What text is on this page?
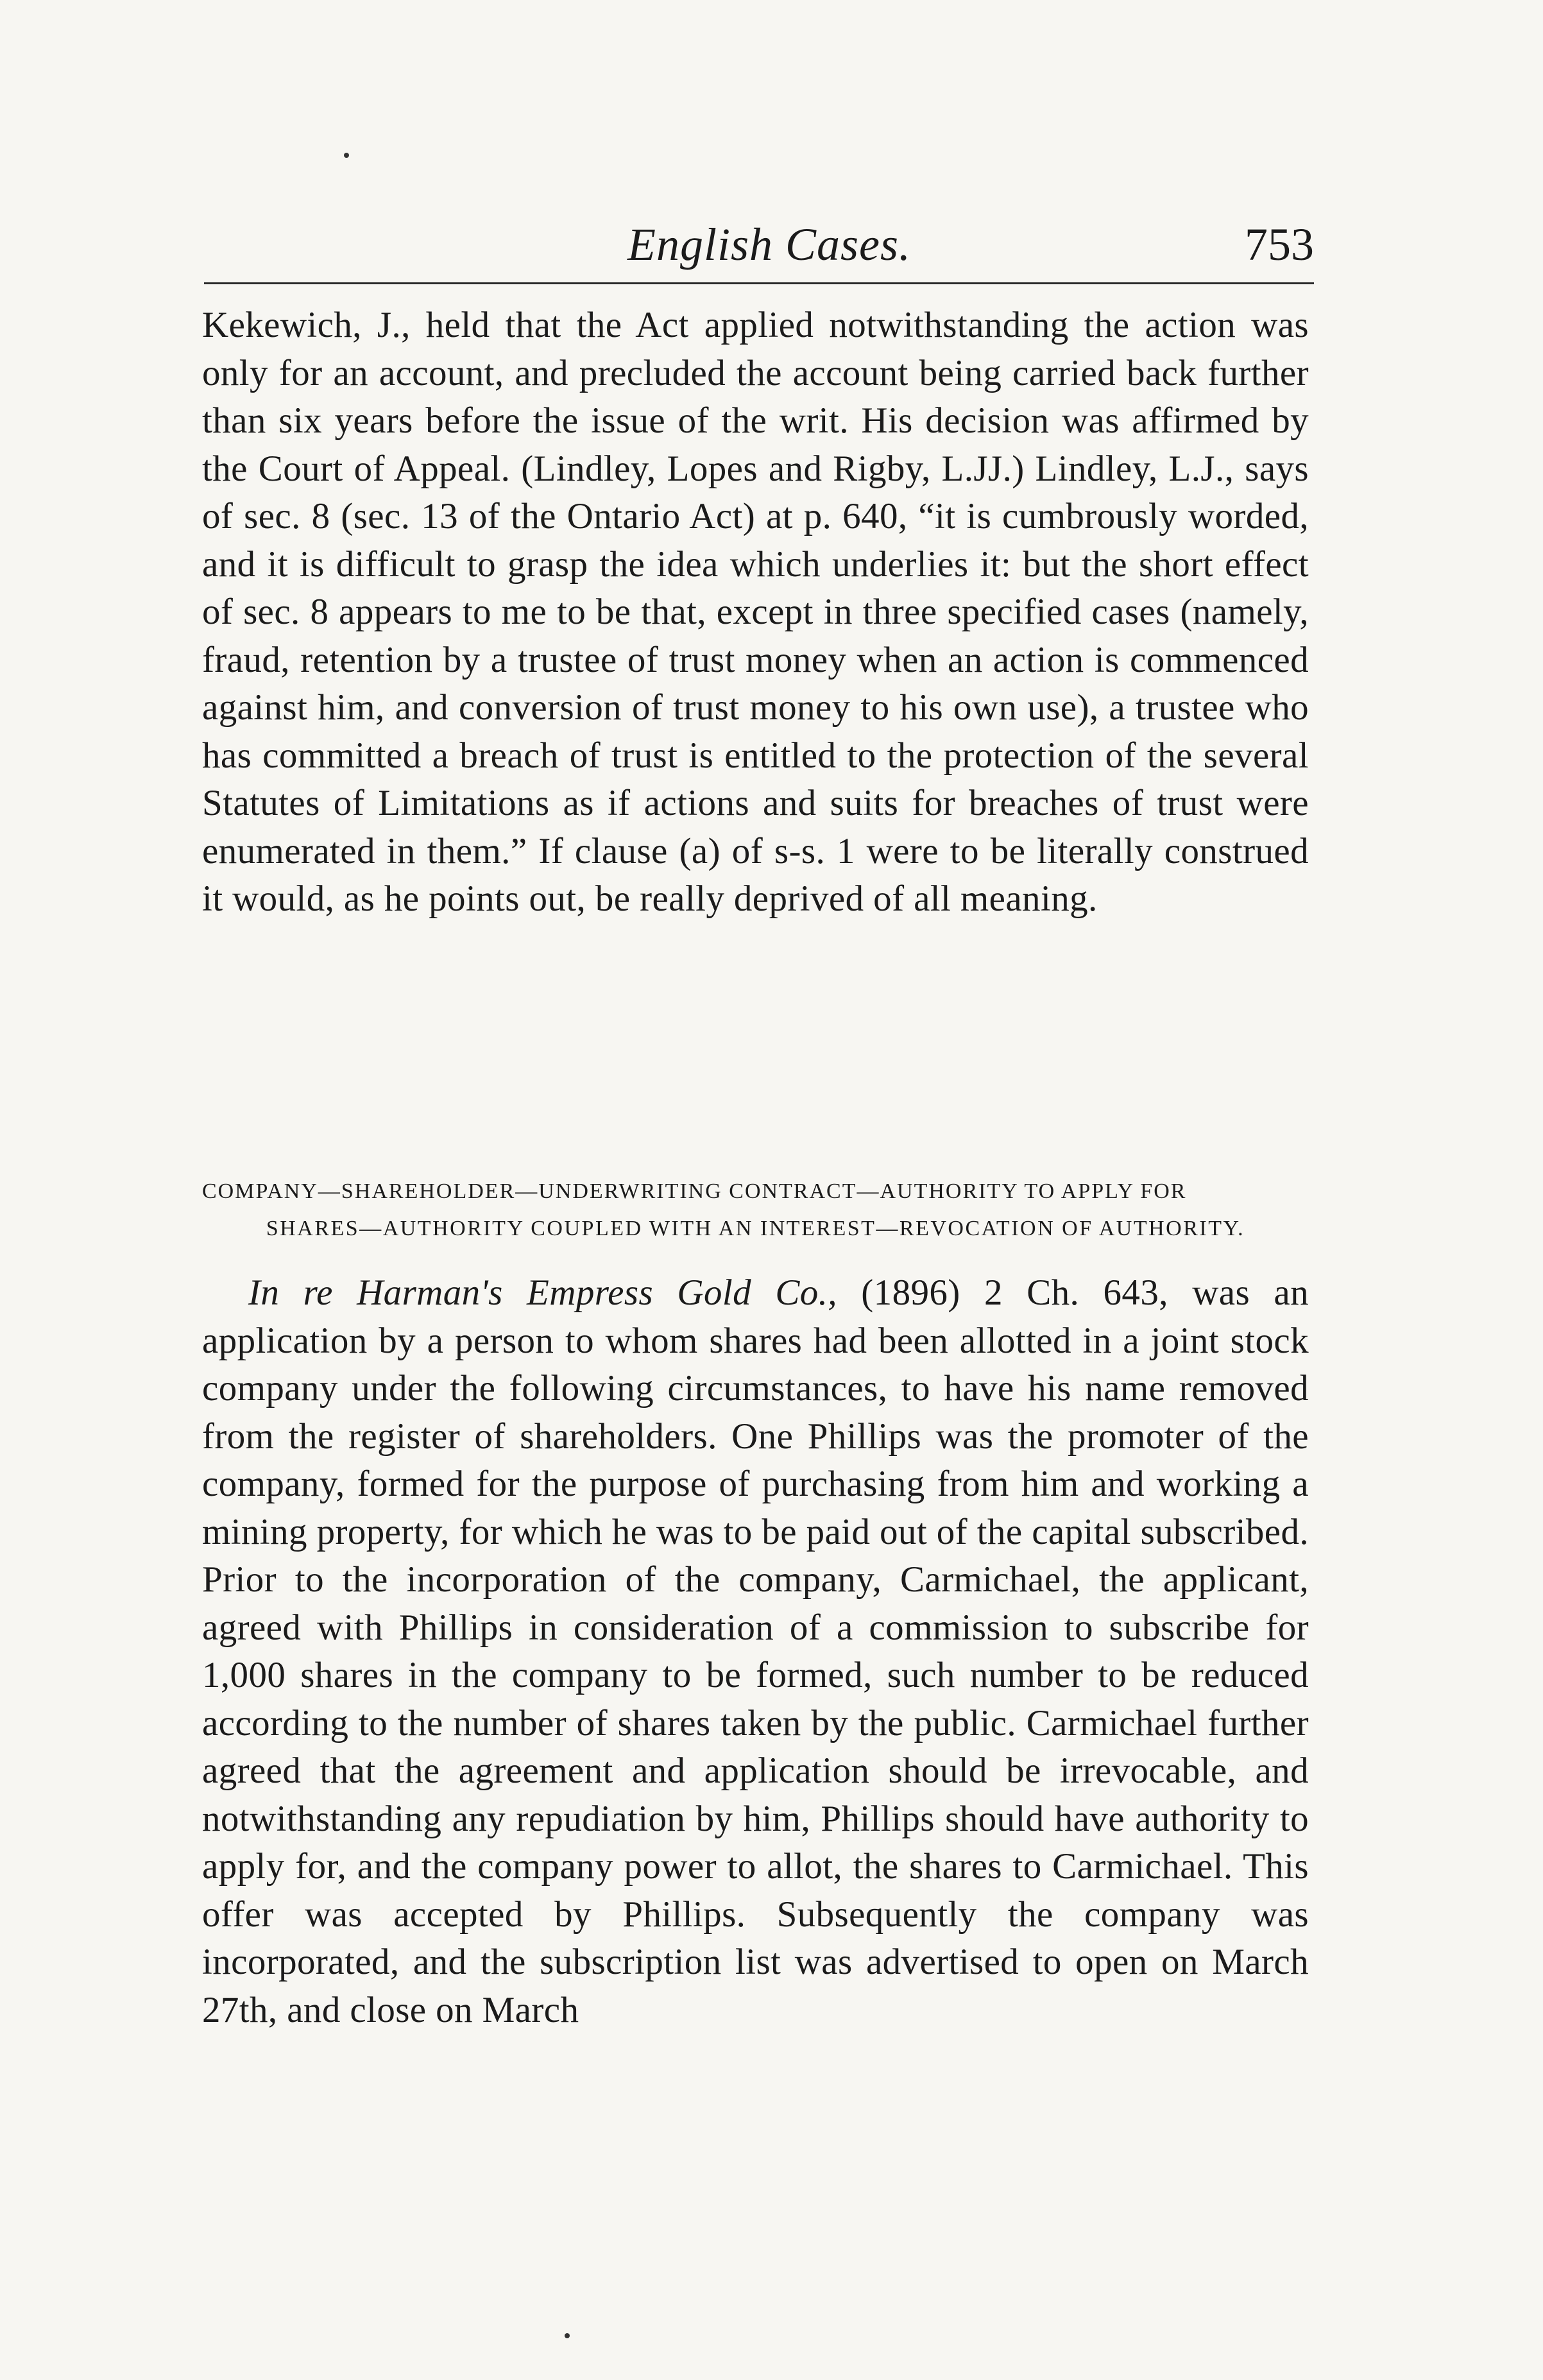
English Cases.	753

Kekewich, J., held that the Act applied notwithstanding the action was only for an account, and precluded the account being carried back further than six years before the issue of the writ. His decision was affirmed by the Court of Appeal. (Lindley, Lopes and Rigby, L.JJ.) Lindley, L.J., says of sec. 8 (sec. 13 of the Ontario Act) at p. 640, “it is cumbrously worded, and it is difficult to grasp the idea which underlies it: but the short effect of sec. 8 appears to me to be that, except in three specified cases (namely, fraud, retention by a trustee of trust money when an action is commenced against him, and conversion of trust money to his own use), a trustee who has committed a breach of trust is entitled to the protection of the several Statutes of Limitations as if actions and suits for breaches of trust were enumerated in them.” If clause (a) of s-s. 1 were to be literally construed it would, as he points out, be really deprived of all meaning.

COMPANY—SHAREHOLDER—UNDERWRITING CONTRACT—AUTHORITY TO APPLY FOR
SHARES—AUTHORITY COUPLED WITH AN INTEREST—REVOCATION OF AUTHORITY.

In re Harman's Empress Gold Co., (1896) 2 Ch. 643, was an application by a person to whom shares had been allotted in a joint stock company under the following circumstances, to have his name removed from the register of shareholders. One Phillips was the promoter of the company, formed for the purpose of purchasing from him and working a mining property, for which he was to be paid out of the capital subscribed. Prior to the incorporation of the company, Carmichael, the applicant, agreed with Phillips in consideration of a commission to subscribe for 1,000 shares in the company to be formed, such number to be reduced according to the number of shares taken by the public. Carmichael further agreed that the agreement and application should be irrevocable, and notwithstanding any repudiation by him, Phillips should have authority to apply for, and the company power to allot, the shares to Carmichael. This offer was accepted by Phillips. Subsequently the company was incorporated, and the subscription list was advertised to open on March 27th, and close on March
